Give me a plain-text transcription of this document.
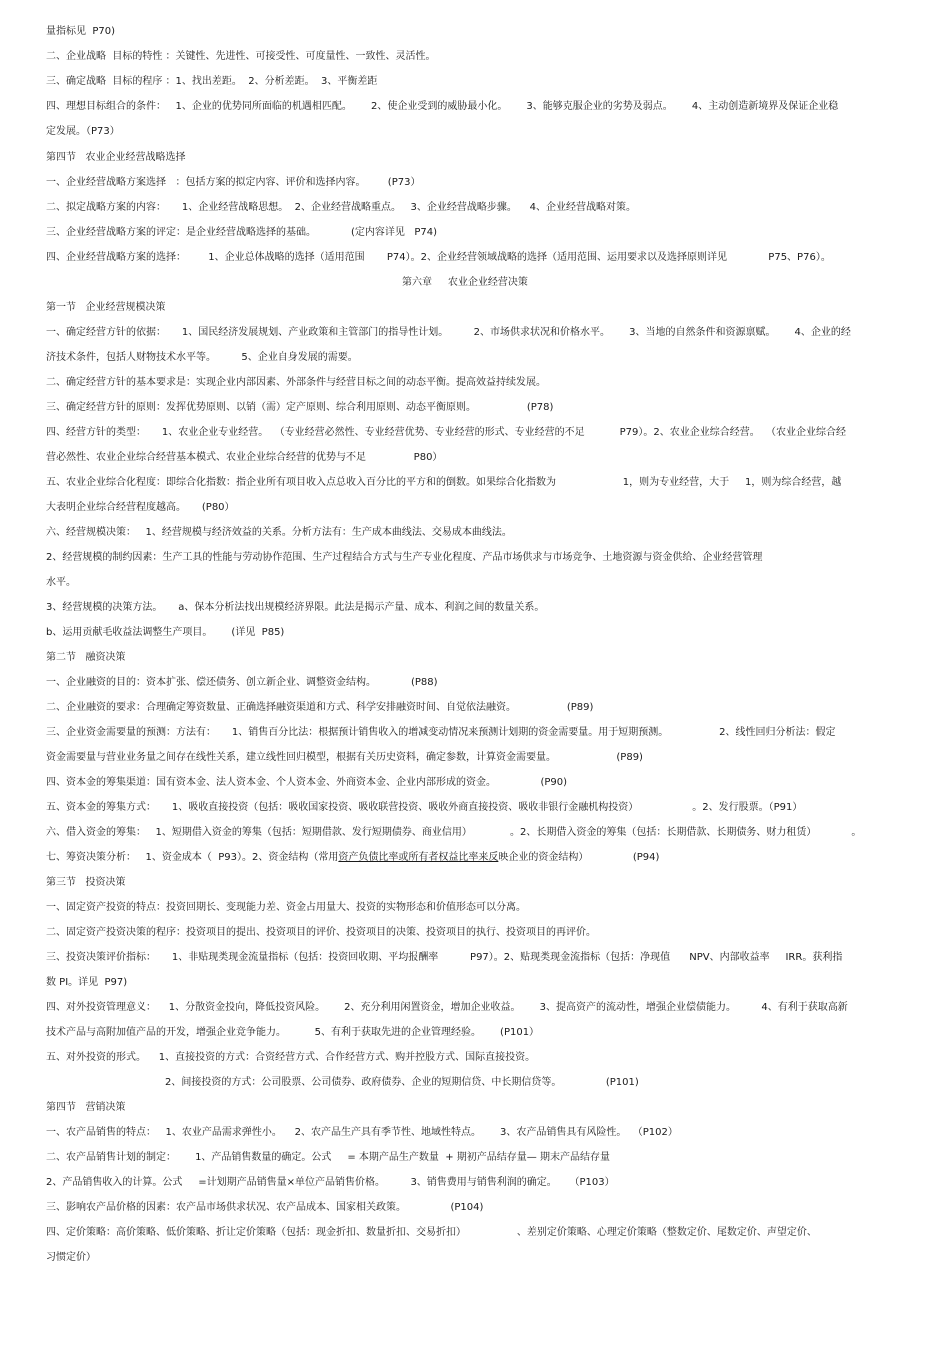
量指标见  P70)
二、企业战略  目标的特性 ：关键性、先进性、可接受性、可度量性、一致性、灵活性。
三、确定战略  目标的程序 ：1、找出差距。  2、分析差距。  3、平衡差距
四、理想目标组合的条件：   1、企业的优势同所面临的机遇相匹配。      2、使企业受到的威胁最小化。      3、能够克服企业的劣势及弱点。      4、主动创造新境界及保证企业稳
定发展。（P73）
第四节   农业企业经营战略选择
一、企业经营战略方案选择   ：包括方案的拟定内容、评价和选择内容。       (P73）
二、拟定战略方案的内容：     1、企业经营战略思想。  2、企业经营战略重点。   3、企业经营战略步骤。    4、企业经营战略对策。
三、企业经营战略方案的评定：是企业经营战略选择的基础。           (定内容详见   P74)
四、企业经营战略方案的选择：       1、企业总体战略的选择（适用范围       P74）。2、企业经营领域战略的选择（适用范围、运用要求以及选择原则详见             P75、P76）。
第六章     农业企业经营决策
第一节   企业经营规模决策
一、确定经营方针的依据：     1、国民经济发展规划、产业政策和主管部门的指导性计划。        2、市场供求状况和价格水平。      3、当地的自然条件和资源禀赋。      4、企业的经
济技术条件，包括人财物技术水平等。        5、企业自身发展的需要。
二、确定经营方针的基本要求是：实现企业内部因素、外部条件与经营目标之间的动态平衡。提高效益持续发展。
三、确定经营方针的原则：发挥优势原则、以销（需）定产原则、综合利用原则、动态平衡原则。                (P78)
四、经营方针的类型：     1、农业企业专业经营。  （专业经营必然性、专业经营优势、专业经营的形式、专业经营的不足           P79）。2、农业企业综合经营。  （农业企业综合经
营必然性、农业企业综合经营基本模式、农业企业综合经营的优势与不足               P80）
五、农业企业综合化程度：即综合化指数：指企业所有项目收入点总收入百分比的平方和的倒数。如果综合化指数为                     1，则为专业经营，大于     1，则为综合经营，越
大表明企业综合经营程度越高。     (P80）
六、经营规模决策：   1、经营规模与经济效益的关系。分析方法有：生产成本曲线法、交易成本曲线法。
2、经营规模的制约因素：生产工具的性能与劳动协作范围、生产过程结合方式与生产专业化程度、产品市场供求与市场竞争、土地资源与资金供给、企业经营管理
水平。
3、经营规模的决策方法。     a、保本分析法找出规模经济界限。此法是揭示产量、成本、利润之间的数量关系。
b、运用贡献毛收益法调整生产项目。      (详见  P85)
第二节   融资决策
一、企业融资的目的：资本扩张、偿还债务、创立新企业、调整资金结构。           (P88)
二、企业融资的要求：合理确定筹资数量、正确选择融资渠道和方式、科学安排融资时间、自觉依法融资。                (P89)
三、企业资金需要量的预测：方法有：     1、销售百分比法：根据预计销售收入的增减变动情况来预测计划期的资金需要量。用于短期预测。                2、线性回归分析法：假定
资金需要量与营业业务量之间存在线性关系，建立线性回归模型，根据有关历史资料，确定参数，计算资金需要量。                   (P89)
四、资本金的筹集渠道：国有资本金、法人资本金、个人资本金、外商资本金、企业内部形成的资金。              (P90)
五、资本金的筹集方式：     1、吸收直接投资（包括：吸收国家投资、吸收联营投资、吸收外商直接投资、吸收非银行金融机构投资）                 。2、发行股票。（P91）
六、借入资金的筹集：   1、短期借入资金的筹集（包括：短期借款、发行短期债券、商业信用）            。2、长期借入资金的筹集（包括：长期借款、长期债务、财力租赁）           。
七、筹资决策分析：   1、资金成本（  P93）。2、资金结构（常用资产负债比率或所有者权益比率来反映企业的资金结构）              (P94)
第三节   投资决策
一、固定资产投资的特点：投资回期长、变现能力差、资金占用量大、投资的实物形态和价值形态可以分离。
二、固定资产投资决策的程序：投资项目的提出、投资项目的评价、投资项目的决策、投资项目的执行、投资项目的再评价。
三、投资决策评价指标：     1、非贴现类现金流量指标（包括：投资回收期、平均报酬率          P97）。2、贴现类现金流指标（包括：净现值      NPV、内部收益率     IRR。获利指
数 PI。详见  P97)
四、对外投资管理意义：    1、分散资金投向，降低投资风险。      2、充分利用闲置资金，增加企业收益。      3、提高资产的流动性，增强企业偿债能力。        4、有利于获取高新
技术产品与高附加值产品的开发，增强企业竞争能力。         5、有利于获取先进的企业管理经验。      (P101）
五、对外投资的形式。    1、直接投资的方式：合资经营方式、合作经营方式、购并控股方式、国际直接投资。
2、间接投资的方式：公司股票、公司债券、政府债券、企业的短期信贷、中长期信贷等。              (P101)
第四节   营销决策
一、农产品销售的特点：   1、农业产品需求弹性小。    2、农产品生产具有季节性、地域性特点。      3、农产品销售具有风险性。  （P102）
二、农产品销售计划的制定：      1、产品销售数量的确定。公式     = 本期产品生产数量  + 期初产品结存量— 期末产品结存量
2、产品销售收入的计算。公式     =计划期产品销售量×单位产品销售价格。        3、销售费用与销售利润的确定。    （P103）
三、影响农产品价格的因素：农产品市场供求状况、农产品成本、国家相关政策。              (P104)
四、定价策略：高价策略、低价策略、折让定价策略（包括：现金折扣、数量折扣、交易折扣）                、差别定价策略、心理定价策略（整数定价、尾数定价、声望定价、
习惯定价）
